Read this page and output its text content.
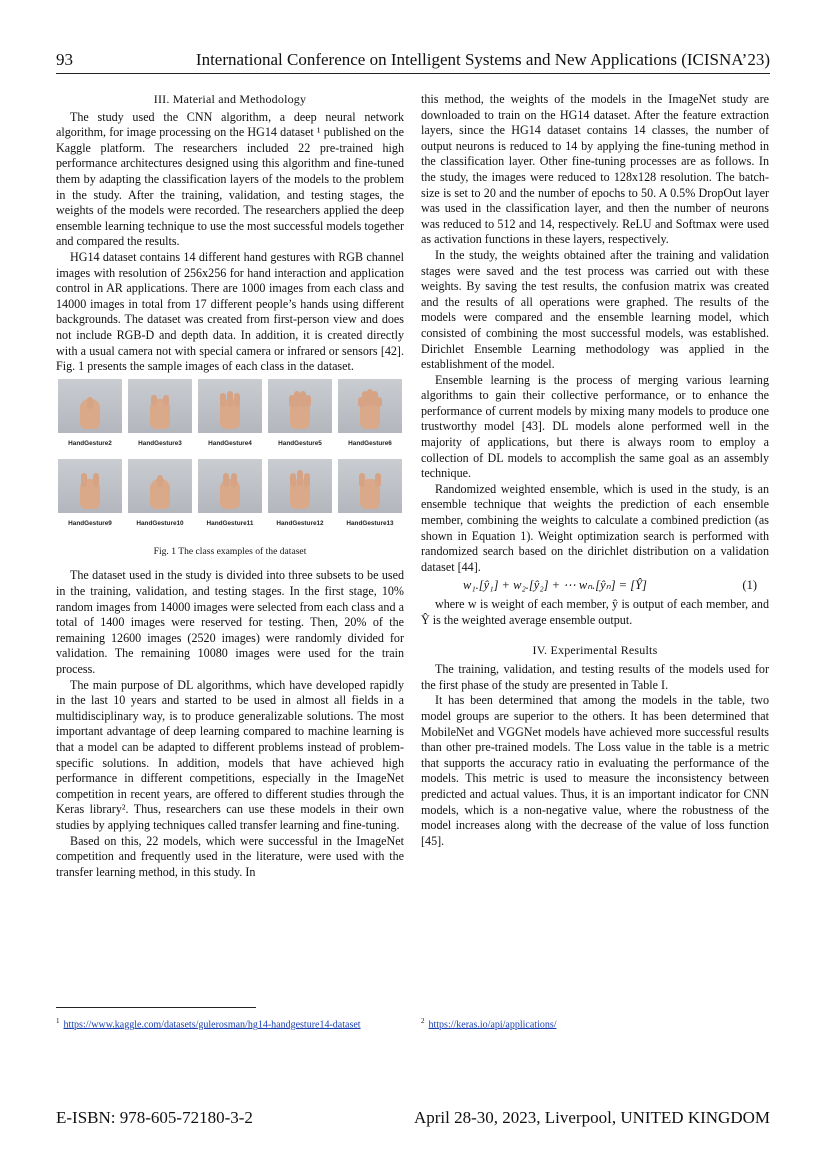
93	International Conference on Intelligent Systems and New Applications (ICISNA’23)
III. Material and Methodology

The study used the CNN algorithm, a deep neural network algorithm, for image processing on the HG14 dataset ¹ published on the Kaggle platform. The researchers included 22 pre-trained high performance architectures designed using this algorithm and fine-tuned them by adapting the classification layers of the models to the problem in the study. After the training, validation, and testing stages, the weights of the models were recorded. The researchers applied the deep ensemble learning technique to use the most successful models together and compared the results.

HG14 dataset contains 14 different hand gestures with RGB channel images with resolution of 256x256 for hand interaction and application control in AR applications. There are 1000 images from each class and 14000 images in total from 17 different people’s hands using different backgrounds. The dataset was created from first-person view and does not include RGB-D and depth data. In addition, it is created directly with a usual camera not with special camera or infrared or sensors [42]. Fig. 1 presents the sample images of each class in the dataset.

HandGesture2	HandGesture3	HandGesture4	HandGesture5	HandGesture6
HandGesture9	HandGesture10	HandGesture11	HandGesture12	HandGesture13
Fig. 1 The class examples of the dataset

The dataset used in the study is divided into three subsets to be used in the training, validation, and testing stages. In the first stage, 10% random images from 14000 images were selected from each class and a total of 1400 images were reserved for testing. Then, 20% of the remaining 12600 images (2520 images) were randomly divided for validation. The remaining 10080 images were used for the train process.

The main purpose of DL algorithms, which have developed rapidly in the last 10 years and started to be used in almost all fields in a multidisciplinary way, is to produce generalizable solutions. The most important advantage of deep learning compared to machine learning is that a model can be adapted to different problems instead of problem-specific solutions. In addition, models that have achieved high performance in different competitions, especially in the ImageNet competition in recent years, are offered to different studies through the Keras library². Thus, researchers can use these models in their own studies by applying techniques called transfer learning and fine-tuning.

Based on this, 22 models, which were successful in the ImageNet competition and frequently used in the literature, were used with the transfer learning method, in this study. In

this method, the weights of the models in the ImageNet study are downloaded to train on the HG14 dataset. After the feature extraction layers, since the HG14 dataset contains 14 classes, the number of output neurons is reduced to 14 by applying the fine-tuning method in the classification layer. Other fine-tuning processes are as follows. In the study, the images were reduced to 128x128 resolution. The batch-size is set to 20 and the number of epochs to 50. A 0.5% DropOut layer was used in the classification layer, and then the number of neurons was reduced to 512 and 14, respectively. ReLU and Softmax were used as activation functions in these layers, respectively.

In the study, the weights obtained after the training and validation stages were saved and the test process was carried out with these weights. By saving the test results, the confusion matrix was created and the results of all operations were graphed. The results of the models were compared and the ensemble learning model, which consisted of combining the most successful models, was established. Dirichlet Ensemble Learning methodology was applied in the establishment of the model.

Ensemble learning is the process of merging various learning algorithms to gain their collective performance, or to enhance the performance of current models by mixing many models to produce one trustworthy model [43]. DL models alone performed well in the majority of applications, but there is always room to employ a collection of DL models to accomplish the same goal as an assembly technique.

Randomized weighted ensemble, which is used in the study, is an ensemble technique that weights the prediction of each ensemble member, combining the weights to calculate a combined prediction (as shown in Equation 1). Weight optimization search is performed with randomized search based on the dirichlet distribution on a validation dataset [44].

w₁.[ŷ₁] + w₂.[ŷ₂] + ⋯ wₙ.[ŷₙ] = [Ŷ]	(1)

where w is weight of each member, ŷ is output of each member, and Ŷ is the weighted average ensemble output.

IV. Experimental Results

The training, validation, and testing results of the models used for the first phase of the study are presented in Table I.

It has been determined that among the models in the table, two model groups are superior to the others. It has been determined that MobileNet and VGGNet models have achieved more successful results than other pre-trained models. The Loss value in the table is a metric that supports the accuracy ratio in evaluating the performance of the models. This metric is used to measure the inconsistency between predicted and actual values. Thus, it is an important indicator for CNN models, which is a non-negative value, where the robustness of the model increases along with the decrease of the value of loss function [45].

$^1$ https://www.kaggle.com/datasets/gulerosman/hg14-handgesture14-dataset	$^2$ https://keras.io/api/applications/
E-ISBN: 978-605-72180-3-2	April 28-30, 2023, Liverpool, UNITED KINGDOM
